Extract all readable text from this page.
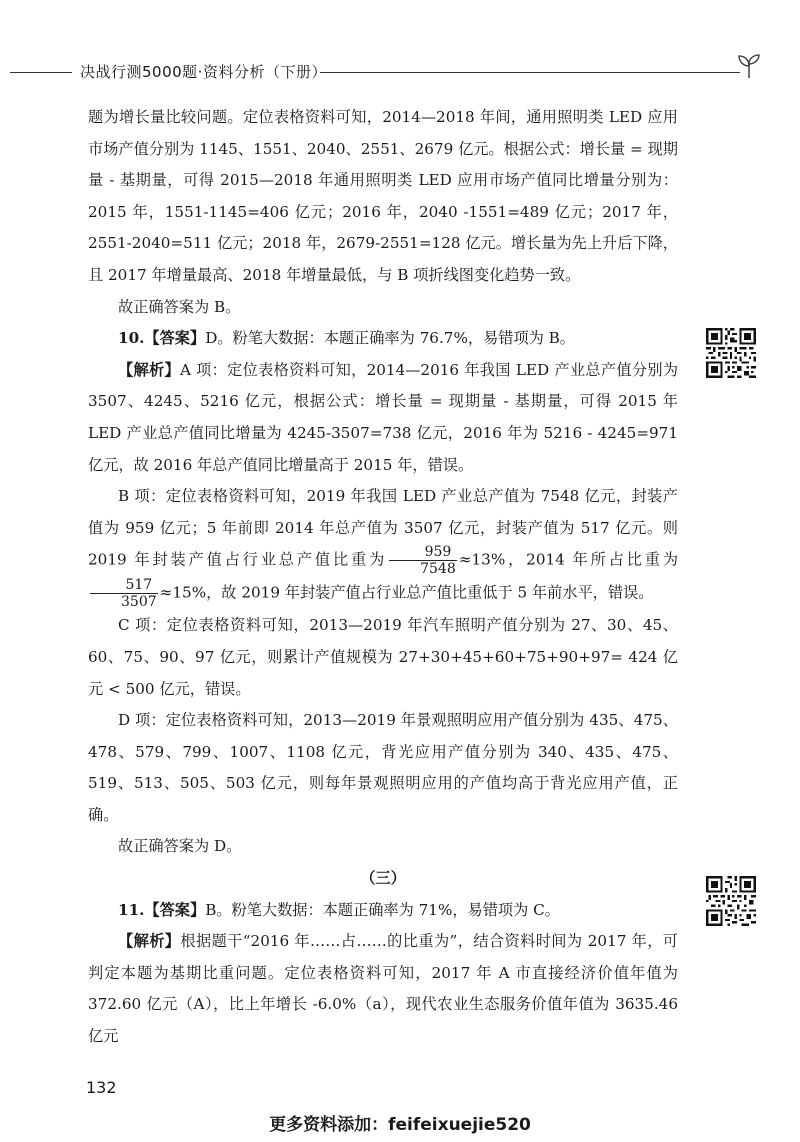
决战行测5000题·资料分析（下册）

题为增长量比较问题。定位表格资料可知，2014—2018 年间，通用照明类 LED 应用市场产值分别为 1145、1551、2040、2551、2679 亿元。根据公式：增长量 = 现期量 - 基期量，可得 2015—2018 年通用照明类 LED 应用市场产值同比增量分别为：2015 年，1551-1145=406 亿元；2016 年，2040 -1551=489 亿元；2017 年，2551-2040=511 亿元；2018 年，2679-2551=128 亿元。增长量为先上升后下降，且 2017 年增量最高、2018 年增量最低，与 B 项折线图变化趋势一致。

故正确答案为 B。

10.【答案】D。粉笔大数据：本题正确率为 76.7%，易错项为 B。

【解析】A 项：定位表格资料可知，2014—2016 年我国 LED 产业总产值分别为 3507、4245、5216 亿元，根据公式：增长量 = 现期量 - 基期量，可得 2015 年 LED 产业总产值同比增量为 4245-3507=738 亿元，2016 年为 5216 - 4245=971 亿元，故 2016 年总产值同比增量高于 2015 年，错误。

B 项：定位表格资料可知，2019 年我国 LED 产业总产值为 7548 亿元，封装产值为 959 亿元；5 年前即 2014 年总产值为 3507 亿元，封装产值为 517 亿元。则 2019 年封装产值占行业总产值比重为 $\frac{959}{7548} \approx 13\%$，2014 年所占比重为
$\frac{517}{3507} \approx 15\%$，故 2019 年封装产值占行业总产值比重低于 5 年前水平，错误。

C 项：定位表格资料可知，2013—2019 年汽车照明产值分别为 27、30、45、60、75、90、97 亿元，则累计产值规模为 27+30+45+60+75+90+97= 424 亿元 < 500 亿元，错误。

D 项：定位表格资料可知，2013—2019 年景观照明应用产值分别为 435、475、478、579、799、1007、1108 亿元，背光应用产值分别为 340、435、475、519、513、505、503 亿元，则每年景观照明应用的产值均高于背光应用产值，正确。

故正确答案为 D。

（三）

11.【答案】B。粉笔大数据：本题正确率为 71%，易错项为 C。

【解析】根据题干“2016 年……占……的比重为”，结合资料时间为 2017 年，可判定本题为基期比重问题。定位表格资料可知，2017 年 A 市直接经济价值年值为 372.60 亿元（A），比上年增长 -6.0%（a），现代农业生态服务价值年值为 3635.46 亿元

132
更多资料添加：feifeixuejie520
